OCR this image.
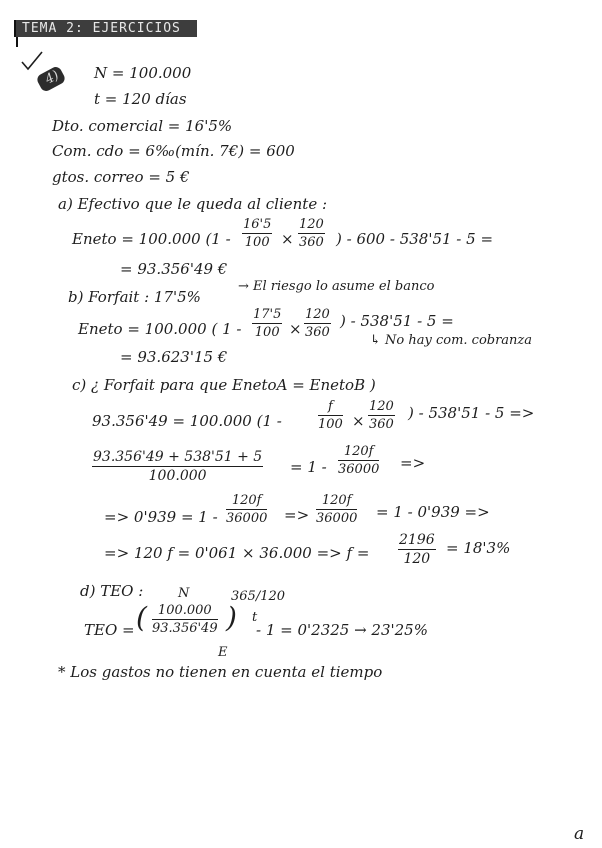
TEMA 2: EJERCICIOS
4) N = 100.000
t = 120 días
Dto. comercial = 16'5%
Com. cdo = 6‰(mín. 7€) = 600
gtos. correo = 5 €
a) Efectivo que le queda al cliente :
Eneto = 100.000 (1 -
16'5
100 ×
120
360 ) - 600 - 538'51 - 5 =
= 93.356'49 €
b) Forfait : 17'5%
→ El riesgo lo asume el banco
Eneto = 100.000 ( 1 -
17'5
100 ×
120
360
) - 538'51 - 5 =
↳ No hay com. cobranza
= 93.623'15 €
c) ¿ Forfait para que EnetoA = EnetoB )
93.356'49 = 100.000 (1 -
f
100 ×
120
360
) - 538'51 - 5 =>
93.356'49 + 538'51 + 5
100.000	= 1 -
120f
36000 =>
=> 0'939 = 1 -
120f
36000 =>
120f
36000 = 1 - 0'939 =>
=> 120 f = 0'061 × 36.000 => f =
2196
120
= 18'3%
d) TEO :	N	365/120
t
TEO = ( 100.000
93.356'49 )
E
- 1 = 0'2325 → 23'25%
* Los gastos no tienen en cuenta el tiempo
a
